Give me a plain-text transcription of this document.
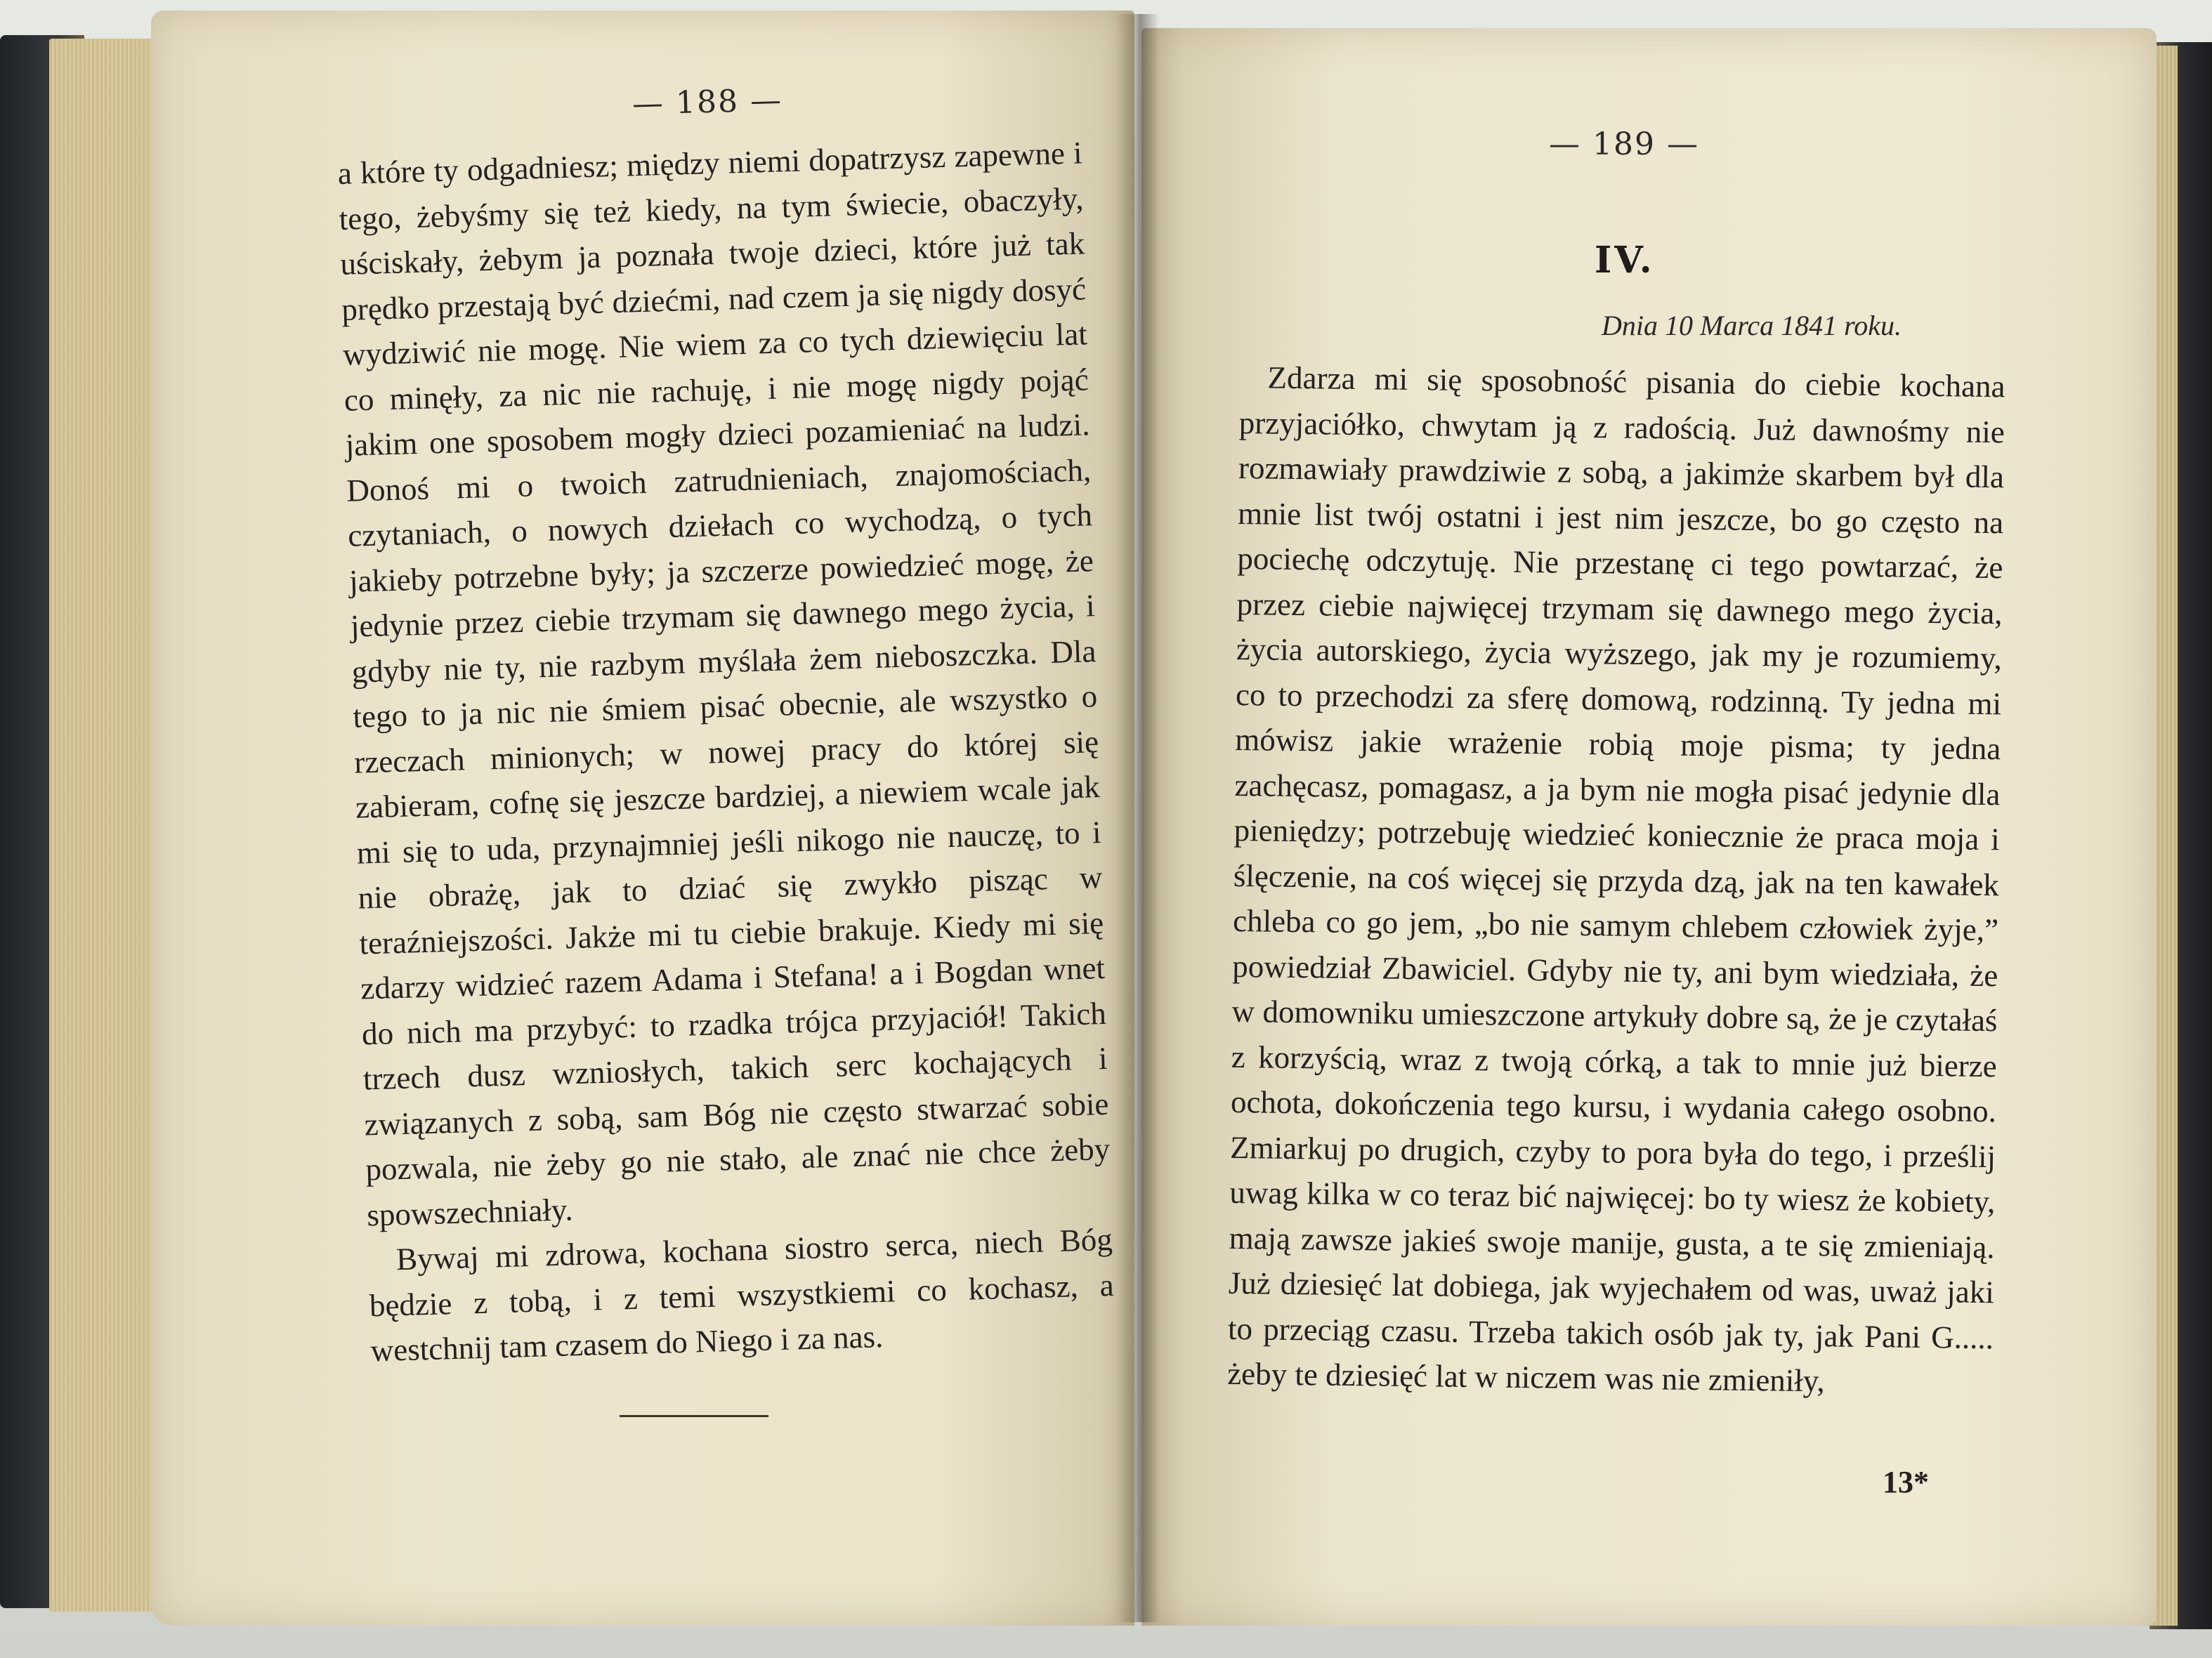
— 188 —

a które ty odgadniesz; między niemi dopatrzysz zapewne i tego, żebyśmy się też kiedy, na tym świecie, obaczyły, uściskały, żebym ja poznała twoje dzieci, które już tak prędko przestają być dziećmi, nad czem ja się nigdy dosyć wydziwić nie mogę. Nie wiem za co tych dziewięciu lat co minęły, za nic nie rachuję, i nie mogę nigdy pojąć jakim one sposobem mogły dzieci pozamieniać na ludzi. Donoś mi o twoich zatrudnieniach, znajomościach, czytaniach, o nowych dziełach co wychodzą, o tych jakieby potrzebne były; ja szczerze powiedzieć mogę, że jedynie przez ciebie trzymam się dawnego mego życia, i gdyby nie ty, nie razbym myślała żem nieboszczka. Dla tego to ja nic nie śmiem pisać obecnie, ale wszystko o rzeczach minionych; w nowej pracy do której się zabieram, cofnę się jeszcze bardziej, a niewiem wcale jak mi się to uda, przynajmniej jeśli nikogo nie nauczę, to i nie obrażę, jak to dziać się zwykło pisząc w teraźniejszości. Jakże mi tu ciebie brakuje. Kiedy mi się zdarzy widzieć razem Adama i Stefana! a i Bogdan wnet do nich ma przybyć: to rzadka trójca przyjaciół! Takich trzech dusz wzniosłych, takich serc kochających i związanych z sobą, sam Bóg nie często stwarzać sobie pozwala, nie żeby go nie stało, ale znać nie chce żeby spowszechniały.

Bywaj mi zdrowa, kochana siostro serca, niech Bóg będzie z tobą, i z temi wszystkiemi co kochasz, a westchnij tam czasem do Niego i za nas.

— 189 —
IV.
Dnia 10 Marca 1841 roku.

Zdarza mi się sposobność pisania do ciebie kochana przyjaciółko, chwytam ją z radością. Już dawnośmy nie rozmawiały prawdziwie z sobą, a jakimże skarbem był dla mnie list twój ostatni i jest nim jeszcze, bo go często na pociechę odczytuję. Nie przestanę ci tego powtarzać, że przez ciebie najwięcej trzymam się dawnego mego życia, życia autorskiego, życia wyższego, jak my je rozumiemy, co to przechodzi za sferę domową, rodzinną. Ty jedna mi mówisz jakie wrażenie robią moje pisma; ty jedna zachęcasz, pomagasz, a ja bym nie mogła pisać jedynie dla pieniędzy; potrzebuję wiedzieć koniecznie że praca moja i ślęczenie, na coś więcej się przyda dzą, jak na ten kawałek chleba co go jem, „bo nie samym chlebem człowiek żyje,” powiedział Zbawiciel. Gdyby nie ty, ani bym wiedziała, że w domowniku umieszczone artykuły dobre są, że je czytałaś z korzyścią, wraz z twoją córką, a tak to mnie już bierze ochota, dokończenia tego kursu, i wydania całego osobno. Zmiarkuj po drugich, czyby to pora była do tego, i prześlij uwag kilka w co teraz bić najwięcej: bo ty wiesz że kobiety, mają zawsze jakieś swoje manije, gusta, a te się zmieniają. Już dziesięć lat dobiega, jak wyjechałem od was, uważ jaki to przeciąg czasu. Trzeba takich osób jak ty, jak Pani G..... żeby te dziesięć lat w niczem was nie zmieniły,

13*
